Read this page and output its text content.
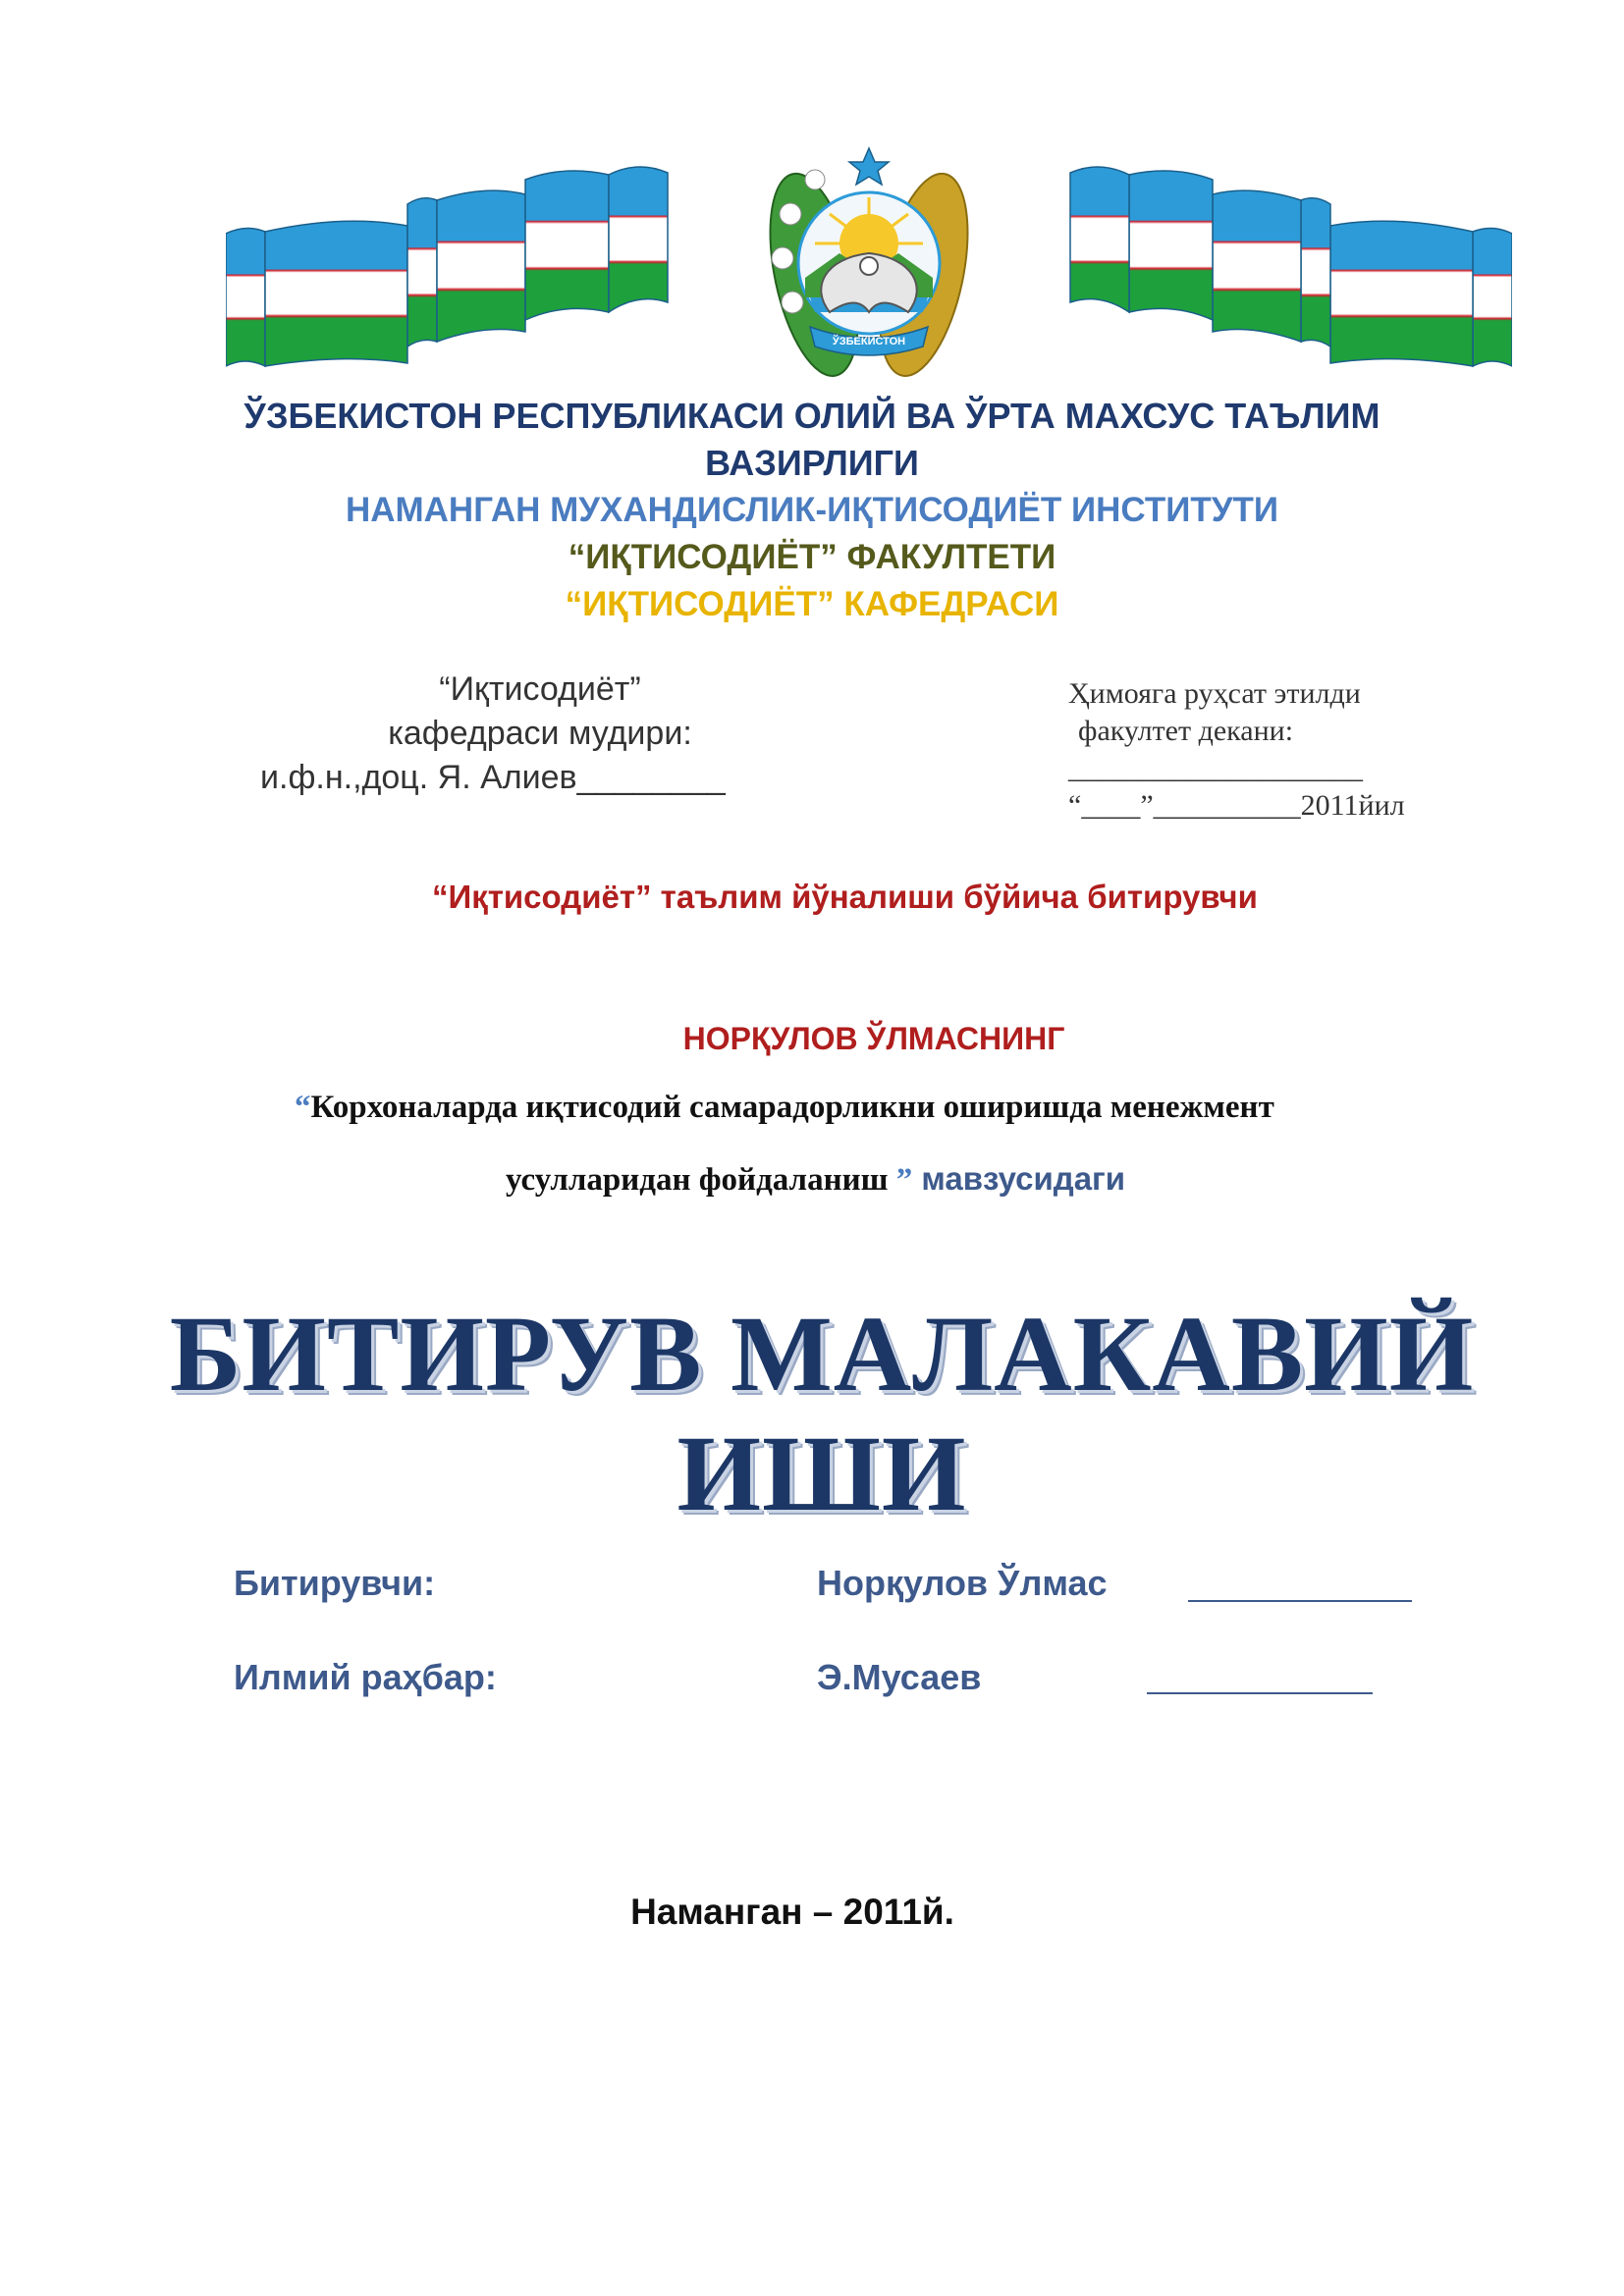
ЎЗБЕКИСТОН
ЎЗБЕКИСТОН РЕСПУБЛИКАСИ ОЛИЙ ВА ЎРТА МАХСУС ТАЪЛИМ
ВАЗИРЛИГИ
НАМАНГАН МУХАНДИСЛИК-ИҚТИСОДИЁТ ИНСТИТУТИ
“ИҚТИСОДИЁТ” ФАКУЛТЕТИ
“ИҚТИСОДИЁТ” КАФЕДРАСИ
“Иқтисодиёт”
кафедраси мудири:
и.ф.н.,доц. Я. Алиев________
Ҳимояга руҳсат этилди
факултет декани:
____________________
“____”__________2011йил
“Иқтисодиёт” таълим йўналиши бўйича битирувчи
НОРҚУЛОВ ЎЛМАСНИНГ
“Корхоналарда иқтисодий самарадорликни оширишда менежмент
усулларидан фойдаланиш ” мавзусидаги
БИТИРУВ МАЛАКАВИЙ
ИШИ
Битирувчи:	Норқулов Ўлмас
Илмий раҳбар:	Э.Мусаев
Наманган – 2011й.
